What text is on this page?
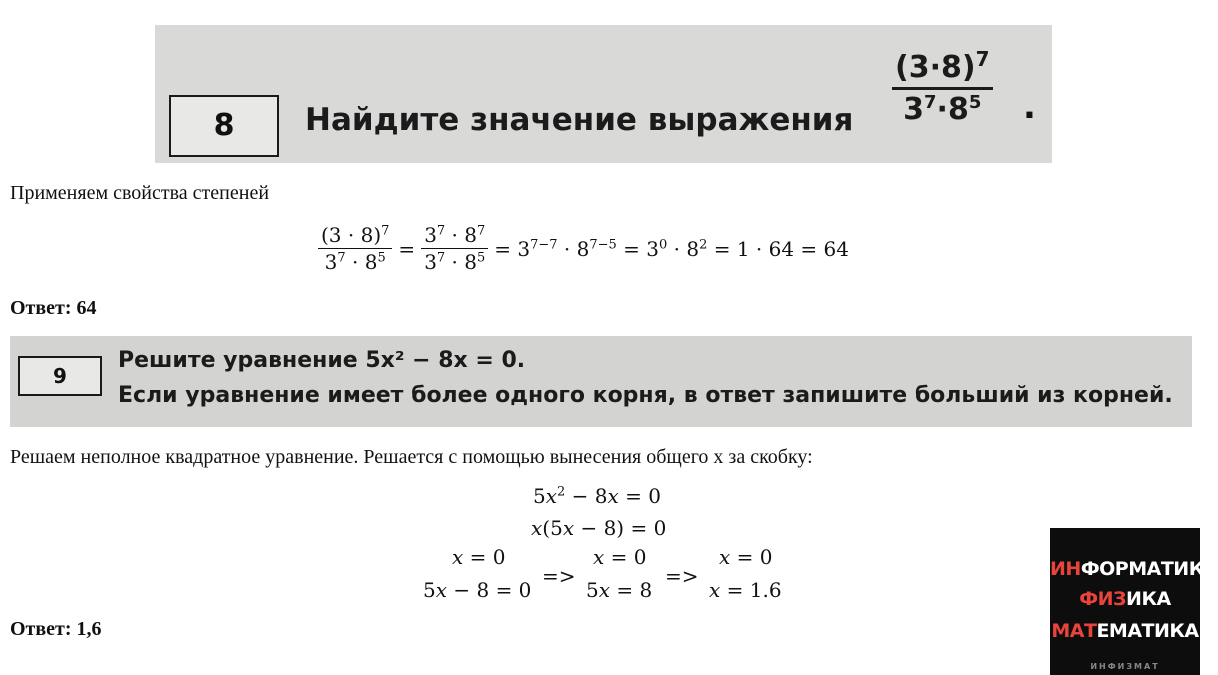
8	Найдите значение выражения $\frac{(3\cdot 8)^7}{3^7\cdot 8^5}$ .
Применяем свойства степеней
$\frac{(3 \cdot 8)^7}{3^7 \cdot 8^5} = \frac{3^7 \cdot 8^7}{3^7 \cdot 8^5} = 3^{7-7} \cdot 8^{7-5} = 3^0 \cdot 8^2 = 1 \cdot 64 = 64$
Ответ: 64
9
Решите уравнение 5x² − 8x = 0.
Если уравнение имеет более одного корня, в ответ запишите больший из корней.
Решаем неполное квадратное уравнение. Решается с помощью вынесения общего х за скобку:
$5x^2 - 8x = 0$
x(5x − 8) = 0
x = 0
5x − 8 = 0
=>
x = 0
5x = 8
=>
x = 0
x = 1.6
Ответ: 1,6
ИНФОРМАТИКА
ФИЗИКА
МАТЕМАТИКА
ИНФИЗМАТ
